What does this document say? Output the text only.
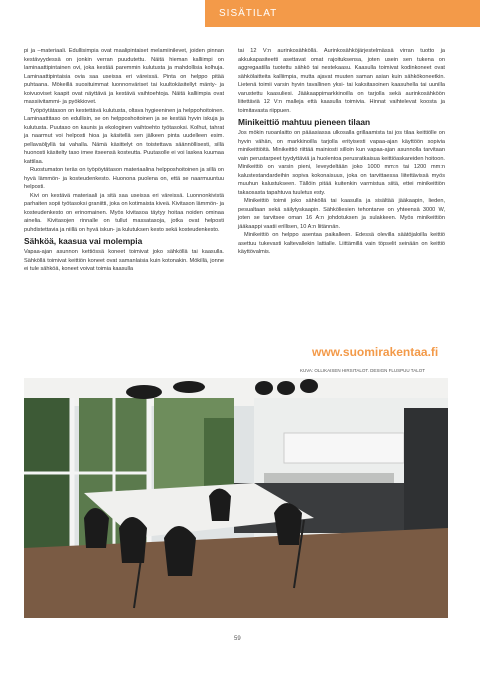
SISÄTILAT

pi ja –materiaali. Edullisimpia ovat maalipintaiset melamiinilevet, joiden pinnan kestävyydessä on jonkin verran puudutettu. Näitä hieman kalliimpi on laminaattipintainen ovi, joka kestää paremmin kulutusta ja mahdollisia kolhuja. Laminaattipintaisia ovia saa useissa eri väreissä. Pinta on helppo pitää puhtaana. Mökeillä suosituimmat luonnonväriset tai kuultokäsitellyt mänty- ja koivuoviset kaapit ovat näyttävä ja kestävä vaihtoehtoja. Näitä kalliimpia ovat massiivitammi- ja pyökkiovet.

Työpöytätason on kestettävä kulutusta, oltava hygieeninen ja helppohoitoinen. Laminaattitaso on edullisin, se on helpposhoitoinen ja se kestää hyvin iskuja ja kulutusta. Puutaso on kaunis ja ekologinen vaihtoehto työtasoksi. Kolhut, tahrat ja naarmut voi helposti hioa ja käsitellä sen jälkeen pinta uudelleen esim. pellavaöljyllä tai vahalla. Nämä käsittelyt on toistettava säännöllisesti, sillä huonosti käsitelty taso imee itseensä kosteutta. Puutasolle ei voi laskea kuumaa kattilaa.

Ruostumaton teräs on työpöytätason materiaalina helpposhoitoinen ja sillä on hyvä lämmön- ja kosteudenkesto. Huonona puolena on, että se naarmuuntuu helposti.

Kivi on kestävä materiaali ja sitä saa useissa eri väreissä. Luonnonkivistä parhaiten sopii työtasoksi graniitti, joka on kotimaista kiveä. Kivitason lämmön- ja kosteudenkesto on erinomainen. Myös kivitasoa täytyy hoitaa noiden ominaa ainelia. Kivitasojen rinnalle on tullut massatasoja, jotka ovat helposti puhdistettavia ja niillä on hyvä iskun- ja kulutuksen kesto sekä kosteudenkesto.

Sähköä, kaasua vai molempia

Vapaa-ajan asunnon kettiössä koneet toimivat joko sähköllä tai kaasulla. Sähköllä toimivat keittiön koneet ovat samanlaisia kuin kotonakin. Mökillä, jonne ei tule sähköä, koneet voivat toimia kaasulla

tai 12 V:n aurinkosähköllä. Aurinkosähköjärjestelmässä virran tuotto ja akkukapasiteetti asettavat omat rajoituksensa, joten usein sen tukena on aggregaatilla tuotettu sähkö tai nestekaasu. Kaasulla toimivat kodinkoneet ovat sähkölaitteita kalliimpia, mutta ajavat muuten saman asian kuin sähkökoneetkin. Lietenä toimii varsin hyvin tavallinen yksi- tai kaksitasoinen kaasuhella tai uunilla varustettu kaasuliesi. Jääkaappimarkkinoilla on tarjolla sekä aurinkosähköön liitettäviä 12 V:n malleja että kaasulla toimivia. Hinnat vaihtelevat koosta ja toimitavasta riippuen.

Minikeittiö mahtuu pieneen tilaan

Jos mökin ruoanlaitto on pääasiassa ulkosalla grillaamista tai jos tilaa keittiölle on hyvin vähän, on markkinoilla tarjolla erityisesti vapaa-ajan käyttöön sopivia minikeittiöitä. Minikeittiö riittää mainiosti silloin kun vapaa-ajan asunnolla tarvitaan vain perustarpeet tyydyttäviä ja huolentoa perusratkaisua keittiöaskareiden hoitoon. Minikeittiö on varsin pieni, leveydeltään joko 1000 mm:n tai 1200 mm:n kalustestandardeihin sopiva kokonaisuus, joka on tarvittaessa liitettävissä myös muuhun kalustukseen. Tällöin pitää kuitenkin varmistua siitä, ettei minikeittiön takaosasta tapahtuva tuuletus esty.

Minikeittiö toimii joko sähköllä tai kaasulla ja sisältää jääkaapin, lieden, pesualtaan sekä säilytyskaapin. Sähköliesien tehontarve on yhteensä 3000 W, joten se tarvitsee oman 16 A:n johdotuksen ja sulakkeen. Myös minikeittiön jääkaappi vaatii erillisen, 10 A:n liitännän.

Minikeittiö on helppo asentaa paikalleen. Edessä olevilla säätöjaloilla keittiö asettuu tukevasti kaltevallekin lattialle. Liittämillä vain töpselit seinään on keittiö käyttövalmis.

www.suomirakentaa.fi
KUVA: OLLIKAISEN HIRSITALOT. DESIGN FLUSPUU TALOT
59
